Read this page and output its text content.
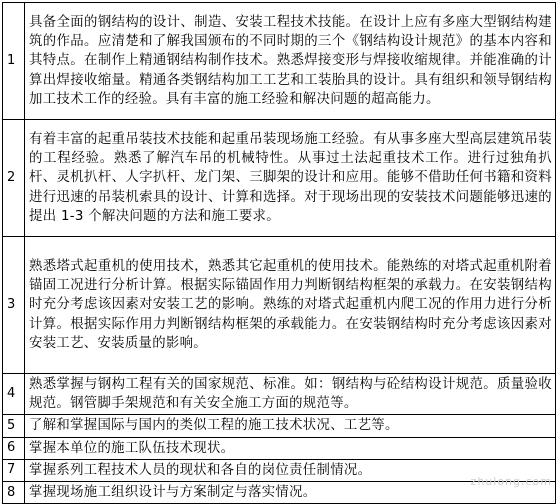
1	具备全面的钢结构的设计、制造、安装工程技术技能。在设计上应有多座大型钢结构建筑的作品。应清楚和了解我国颁布的不同时期的三个《钢结构设计规范》的基本内容和其特点。在制作上精通钢结构制作技术。熟悉焊接变形与焊接收缩规律。并能准确的计算出焊接收缩量。精通各类钢结构加工工艺和工装胎具的设计。具有组织和领导钢结构加工技术工作的经验。具有丰富的施工经验和解决问题的超高能力。

2	有着丰富的起重吊装技术技能和起重吊装现场施工经验。有从事多座大型高层建筑吊装的工程经验。熟悉了解汽车吊的机械特性。从事过土法起重技术工作。进行过独角扒杆、灵机扒杆、人字扒杆、龙门架、三脚架的设计和应用。能够不借助任何书籍和资料进行迅速的吊装机索具的设计、计算和选择。对于现场出现的安装技术问题能够迅速的提出 1-3 个解决问题的方法和施工要求。

3	熟悉塔式起重机的使用技术，熟悉其它起重机的使用技术。能熟练的对塔式起重机附着锚固工况进行分析计算。根据实际锚固作用力判断钢结构框架的承载力。在安装钢结构时充分考虑该因素对安装工艺的影响。熟练的对塔式起重机内爬工况的作用力进行分析计算。根据实际作用力判断钢结构框架的承载能力。在安装钢结构时充分考虑该因素对安装工艺、安装质量的影响。

4	熟悉掌握与钢构工程有关的国家规范、标准。如：钢结构与砼结构设计规范。质量验收规范。钢管脚手架规范和有关安全施工方面的规范等。

5	了解和掌握国际与国内的类似工程的施工技术状况、工艺等。

6	掌握本单位的施工队伍技术现状。

7	掌握系列工程技术人员的现状和各自的岗位责任制情况。

8	掌握现场施工组织设计与方案制定与落实情况。
zhulong.com
